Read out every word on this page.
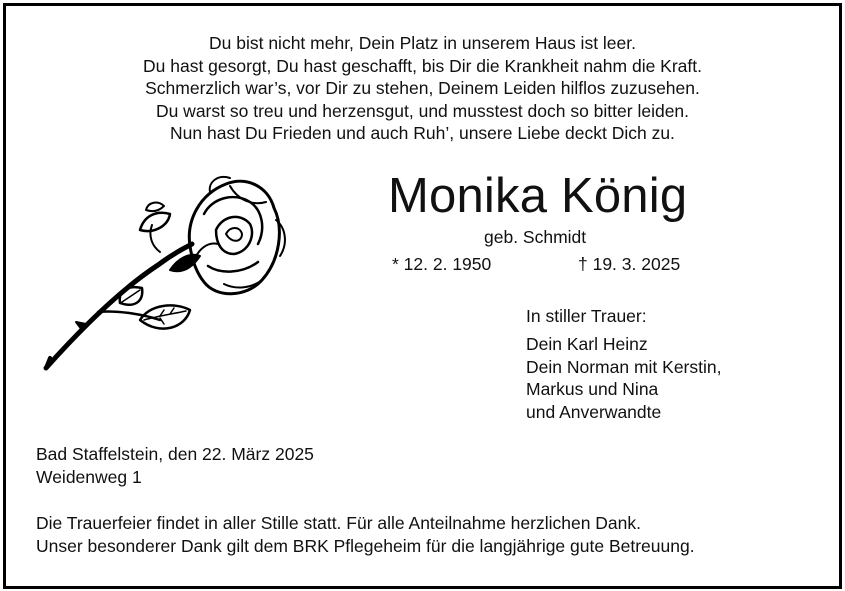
Du bist nicht mehr, Dein Platz in unserem Haus ist leer.
Du hast gesorgt, Du hast geschafft, bis Dir die Krankheit nahm die Kraft.
Schmerzlich war’s, vor Dir zu stehen, Deinem Leiden hilflos zuzusehen.
Du warst so treu und herzensgut, und musstest doch so bitter leiden.
Nun hast Du Frieden und auch Ruh’, unsere Liebe deckt Dich zu.
Monika König
geb. Schmidt
* 12. 2. 1950	† 19. 3. 2025
In stiller Trauer:
Dein Karl Heinz
Dein Norman mit Kerstin,
Markus und Nina
und Anverwandte
Bad Staffelstein, den 22. März 2025
Weidenweg 1
Die Trauerfeier findet in aller Stille statt. Für alle Anteilnahme herzlichen Dank.
Unser besonderer Dank gilt dem BRK Pflegeheim für die langjährige gute Betreuung.
